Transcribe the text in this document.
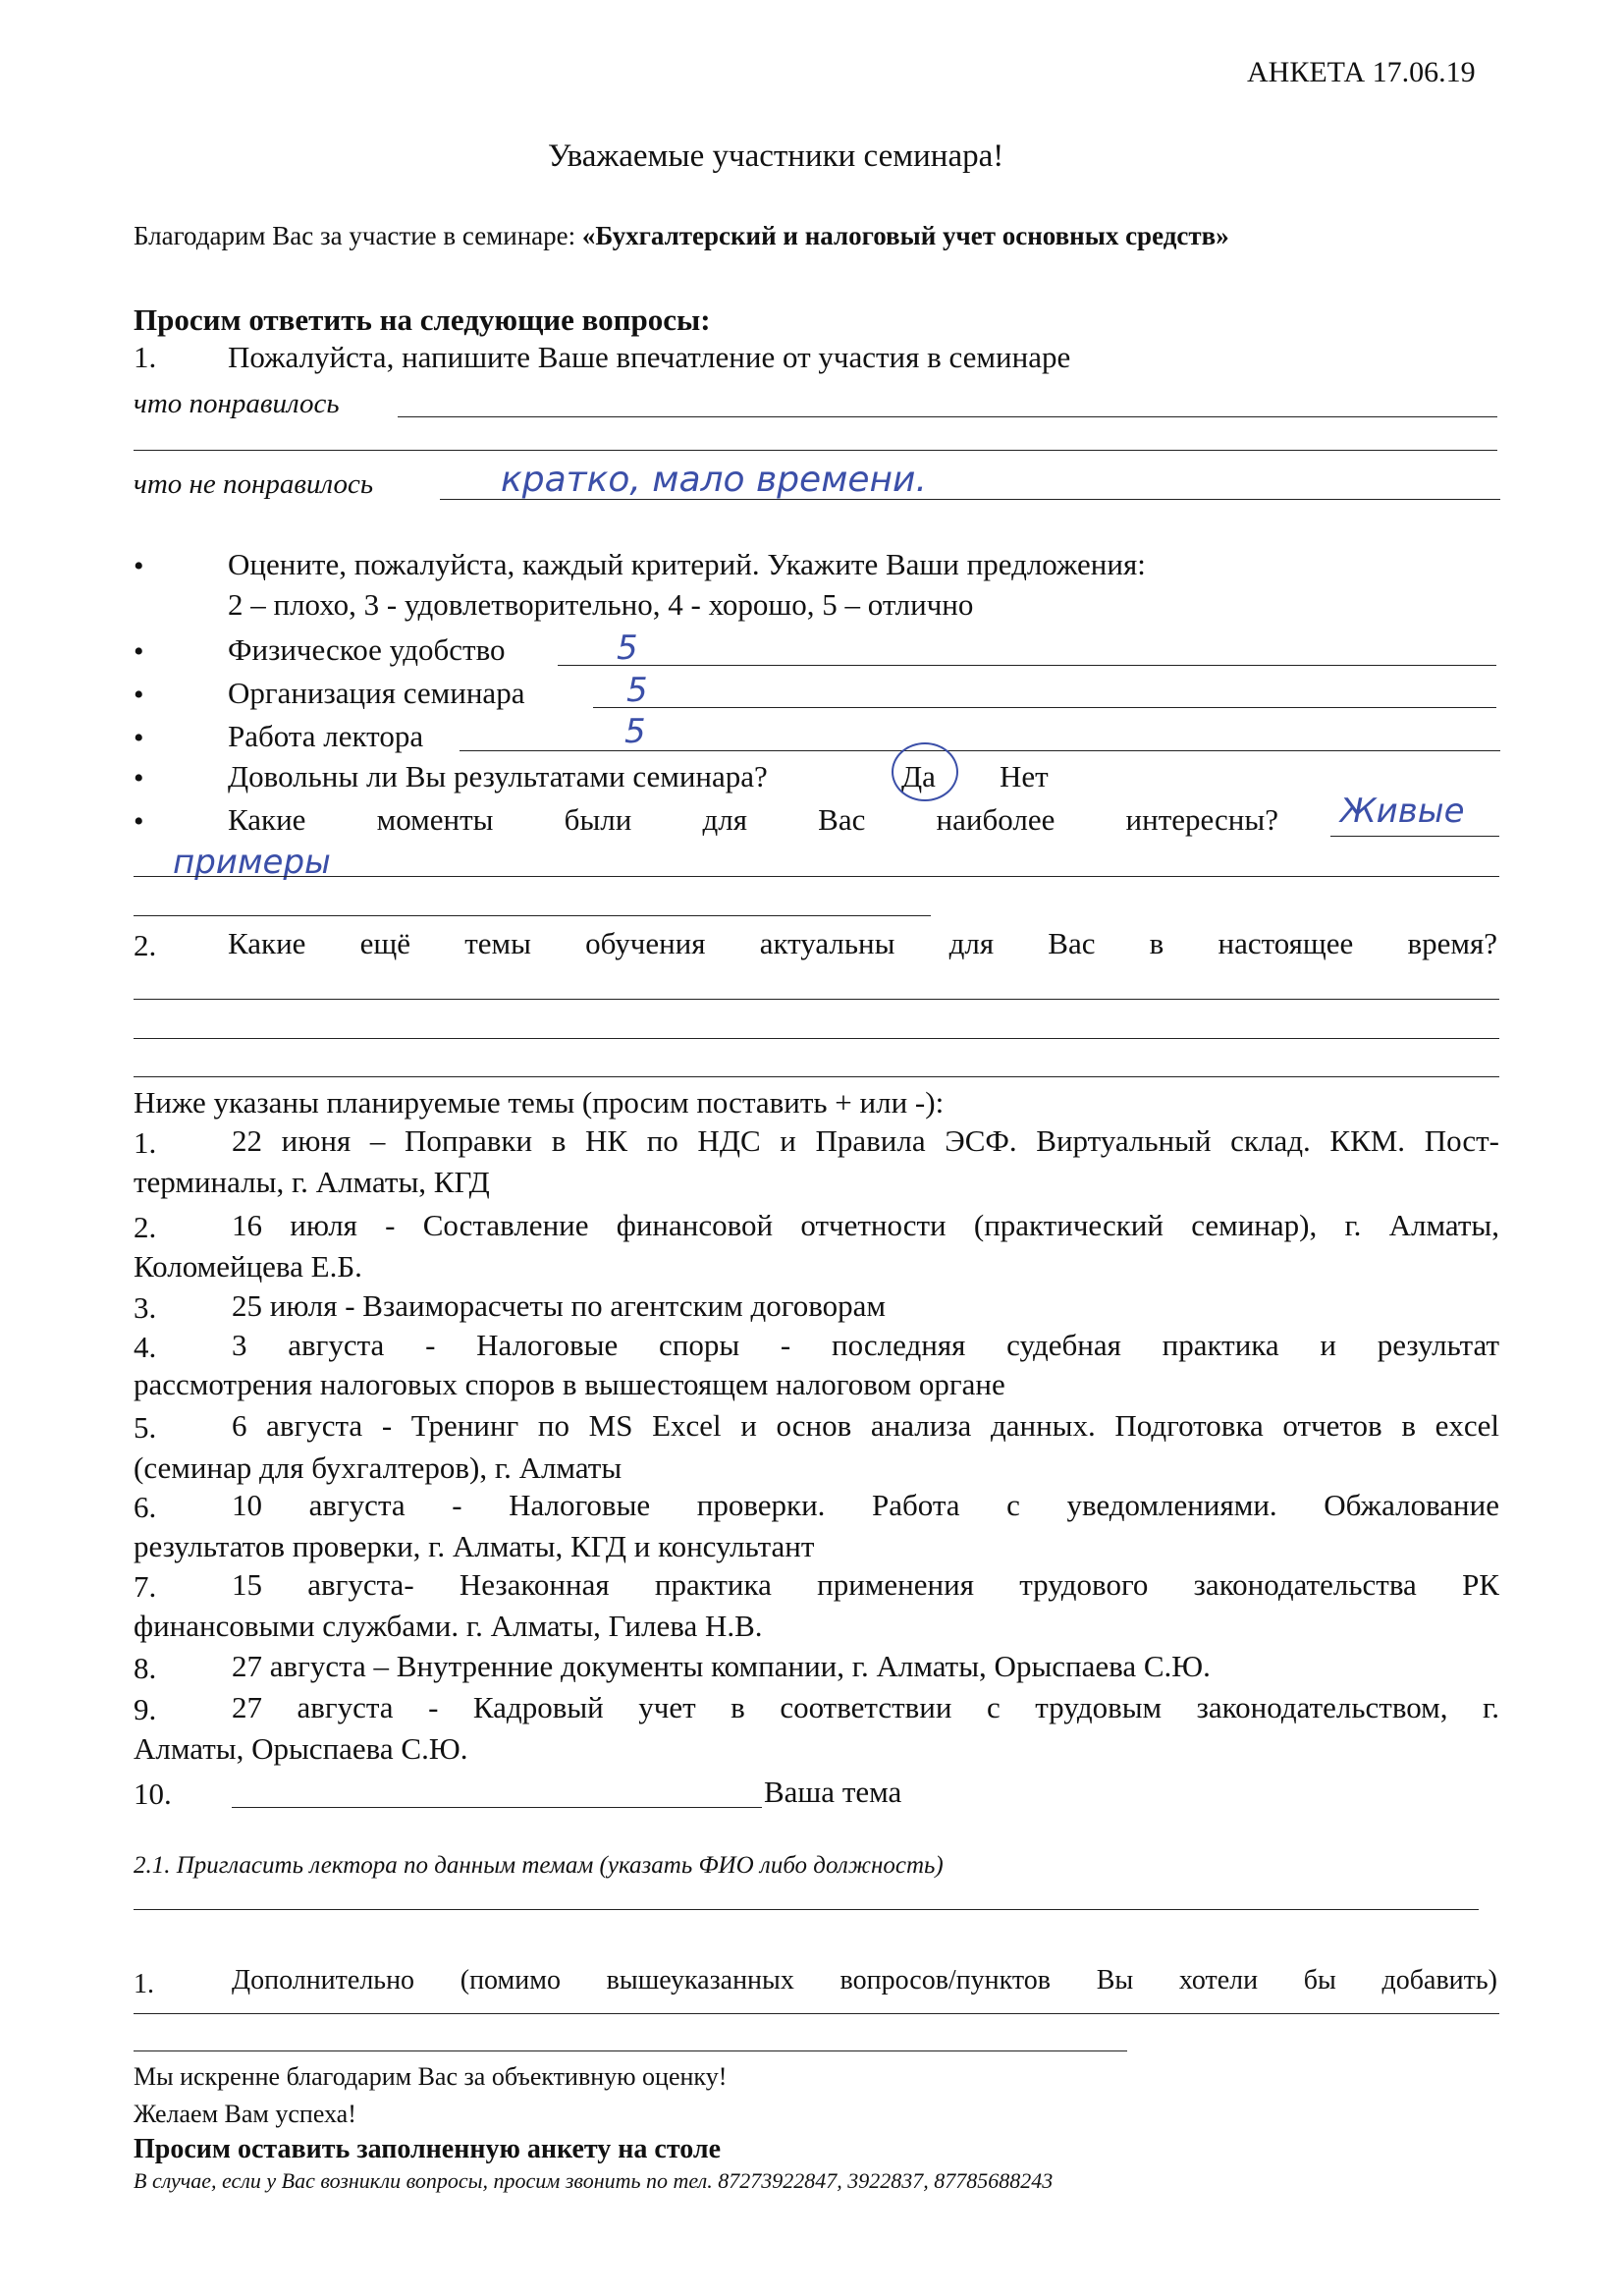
АНКЕТА 17.06.19
Уважаемые участники семинара!
Благодарим Вас за участие в семинаре: «Бухгалтерский и налоговый учет основных средств»
Просим ответить на следующие вопросы:
1. Пожалуйста, напишите Ваше впечатление от участия в семинаре
что понравилось
что не понравилось	кратко, мало времени.
•	Оцените, пожалуйста, каждый критерий. Укажите Ваши предложения:
2 – плохо, 3 - удовлетворительно, 4 - хорошо, 5 – отлично
•	Физическое удобство	5
•	Организация семинара	5
•	Работа лектора	5
•	Довольны ли Вы результатами семинара?	Да Нет
•	Какие моменты были для Вас наиболее интересны? Живые
примеры
2. Какие ещё темы обучения актуальны для Вас в настоящее время?
Ниже указаны планируемые темы (просим поставить + или -):
1. 22 июня – Поправки в НК по НДС и Правила ЭСФ. Виртуальный склад. ККМ. Пост-
терминалы, г. Алматы, КГД
2. 16 июля - Составление финансовой отчетности (практический семинар), г. Алматы,
Коломейцева Е.Б.
3. 25 июля - Взаиморасчеты по агентским договорам
4. 3 августа - Налоговые споры - последняя судебная практика и результат
рассмотрения налоговых споров в вышестоящем налоговом органе
5. 6 августа - Тренинг по MS Excel и основ анализа данных. Подготовка отчетов в excel
(семинар для бухгалтеров), г. Алматы
6. 10 августа - Налоговые проверки. Работа с уведомлениями. Обжалование
результатов проверки, г. Алматы, КГД и консультант
7. 15 августа- Незаконная практика применения трудового законодательства РК
финансовыми службами. г. Алматы, Гилева Н.В.
8. 27 августа – Внутренние документы компании, г. Алматы, Орыспаева С.Ю.
9. 27 августа - Кадровый учет в соответствии с трудовым законодательством, г.
Алматы, Орыспаева С.Ю.
10.	Ваша тема
2.1. Пригласить лектора по данным темам (указать ФИО либо должность)
1.	Дополнительно (помимо вышеуказанных вопросов/пунктов Вы хотели бы добавить)
Мы искренне благодарим Вас за объективную оценку!
Желаем Вам успеха!
Просим оставить заполненную анкету на столе
В случае, если у Вас возникли вопросы, просим звонить по тел. 87273922847, 3922837, 87785688243
